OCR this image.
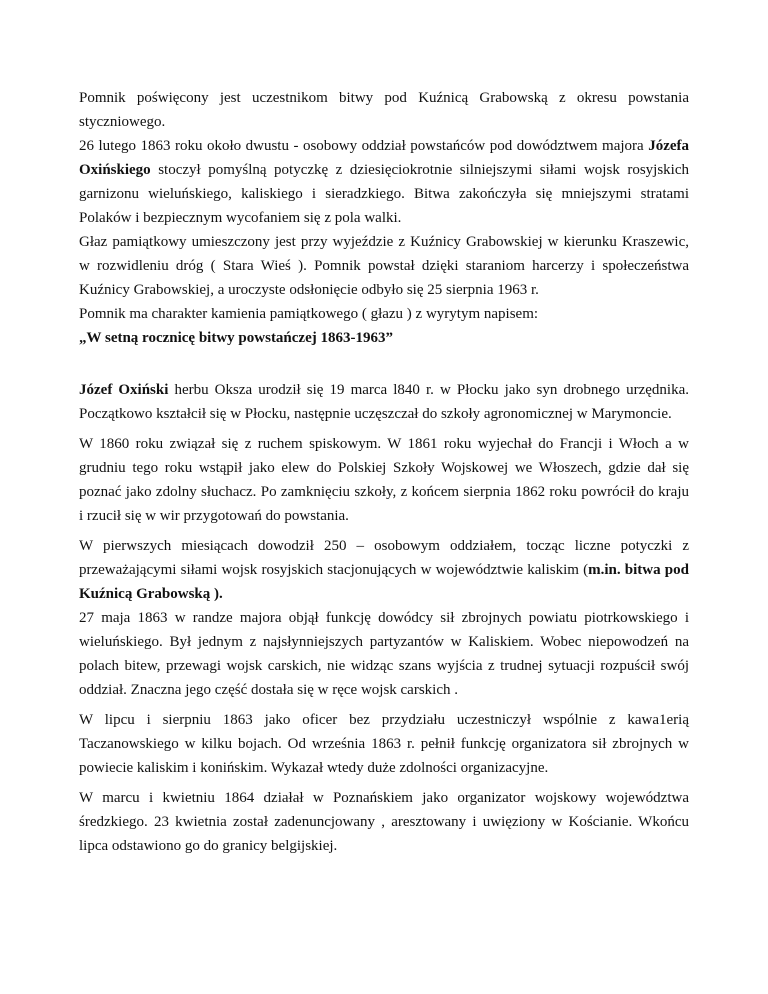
Pomnik poświęcony jest uczestnikom bitwy pod Kuźnicą Grabowską z okresu powstania styczniowego.

26 lutego 1863 roku około dwustu - osobowy oddział powstańców pod dowództwem majora Józefa Oxińskiego stoczył pomyślną potyczkę z dziesięciokrotnie silniejszymi siłami wojsk rosyjskich garnizonu wieluńskiego, kaliskiego i sieradzkiego. Bitwa zakończyła się mniejszymi stratami Polaków i bezpiecznym wycofaniem się z pola walki.

Głaz pamiątkowy umieszczony jest przy wyjeździe z Kuźnicy Grabowskiej w kierunku Kraszewic, w rozwidleniu dróg ( Stara Wieś ). Pomnik powstał dzięki staraniom harcerzy i społeczeństwa Kuźnicy Grabowskiej, a uroczyste odsłonięcie odbyło się 25 sierpnia 1963 r.

Pomnik ma charakter kamienia pamiątkowego ( głazu ) z wyrytym napisem:

„W setną rocznicę bitwy powstańczej 1863-1963”

Józef Oxiński herbu Oksza urodził się 19 marca l840 r. w Płocku jako syn drobnego urzędnika. Początkowo kształcił się w Płocku, następnie uczęszczał do szkoły agronomicznej w Marymoncie.

W 1860 roku związał się z ruchem spiskowym. W 1861 roku wyjechał do Francji i Włoch a w grudniu tego roku wstąpił jako elew do Polskiej Szkoły Wojskowej we Włoszech, gdzie dał się poznać jako zdolny słuchacz. Po zamknięciu szkoły, z końcem sierpnia 1862 roku powrócił do kraju i rzucił się w wir przygotowań do powstania.

W pierwszych miesiącach dowodził 250 – osobowym oddziałem, tocząc liczne potyczki z przeważającymi siłami wojsk rosyjskich stacjonujących w województwie kaliskim (m.in. bitwa pod Kuźnicą Grabowską ).

27 maja 1863 w randze majora objął funkcję dowódcy sił zbrojnych powiatu piotrkowskiego i wieluńskiego. Był jednym z najsłynniejszych partyzantów w Kaliskiem. Wobec niepowodzeń na polach bitew, przewagi wojsk carskich, nie widząc szans wyjścia z trudnej sytuacji rozpuścił swój oddział. Znaczna jego część dostała się w ręce wojsk carskich .

W lipcu i sierpniu 1863 jako oficer bez przydziału uczestniczył wspólnie z kawa1erią Taczanowskiego w kilku bojach. Od września 1863 r. pełnił funkcję organizatora sił zbrojnych w powiecie kaliskim i konińskim. Wykazał wtedy duże zdolności organizacyjne.

W marcu i kwietniu 1864 działał w Poznańskiem jako organizator wojskowy województwa średzkiego. 23 kwietnia został zadenuncjowany , aresztowany i uwięziony w Kościanie. Wkońcu lipca odstawiono go do granicy belgijskiej.
